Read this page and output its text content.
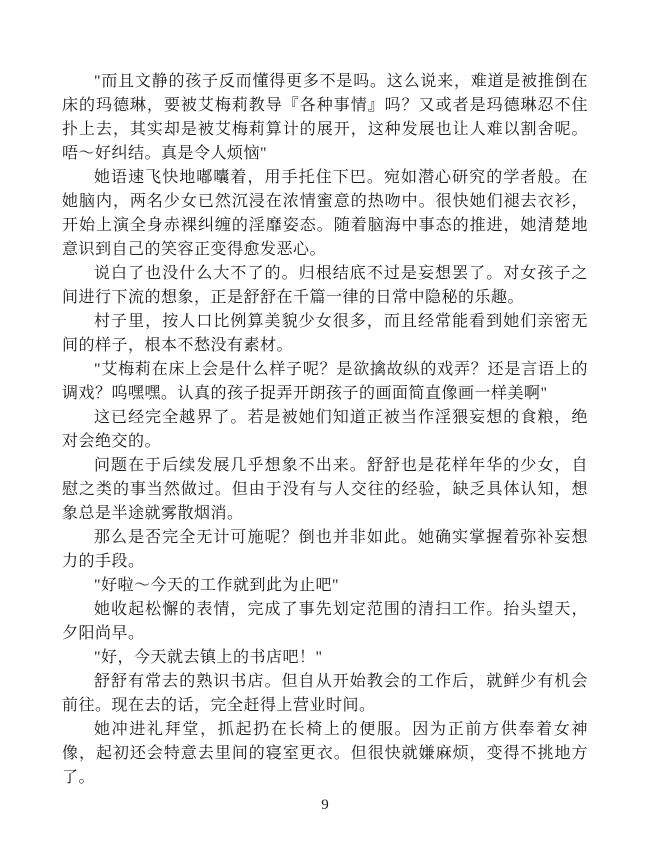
"而且文静的孩子反而懂得更多不是吗。这么说来，难道是被推倒在床的玛德琳，要被艾梅莉教导『各种事情』吗？又或者是玛德琳忍不住扑上去，其实却是被艾梅莉算计的展开，这种发展也让人难以割舍呢。唔～好纠结。真是令人烦恼"

她语速飞快地嘟囔着，用手托住下巴。宛如潜心研究的学者般。在她脑内，两名少女已然沉浸在浓情蜜意的热吻中。很快她们褪去衣衫，开始上演全身赤裸纠缠的淫靡姿态。随着脑海中事态的推进，她清楚地意识到自己的笑容正变得愈发恶心。

说白了也没什么大不了的。归根结底不过是妄想罢了。对女孩子之间进行下流的想象，正是舒舒在千篇一律的日常中隐秘的乐趣。

村子里，按人口比例算美貌少女很多，而且经常能看到她们亲密无间的样子，根本不愁没有素材。

"艾梅莉在床上会是什么样子呢？是欲擒故纵的戏弄？还是言语上的调戏？呜嘿嘿。认真的孩子捉弄开朗孩子的画面简直像画一样美啊"

这已经完全越界了。若是被她们知道正被当作淫猥妄想的食粮，绝对会绝交的。

问题在于后续发展几乎想象不出来。舒舒也是花样年华的少女，自慰之类的事当然做过。但由于没有与人交往的经验，缺乏具体认知，想象总是半途就雾散烟消。

那么是否完全无计可施呢？倒也并非如此。她确实掌握着弥补妄想力的手段。

"好啦～今天的工作就到此为止吧"

她收起松懈的表情，完成了事先划定范围的清扫工作。抬头望天，夕阳尚早。

"好，今天就去镇上的书店吧！"

舒舒有常去的熟识书店。但自从开始教会的工作后，就鲜少有机会前往。现在去的话，完全赶得上营业时间。

她冲进礼拜堂，抓起扔在长椅上的便服。因为正前方供奉着女神像，起初还会特意去里间的寝室更衣。但很快就嫌麻烦，变得不挑地方了。

9
